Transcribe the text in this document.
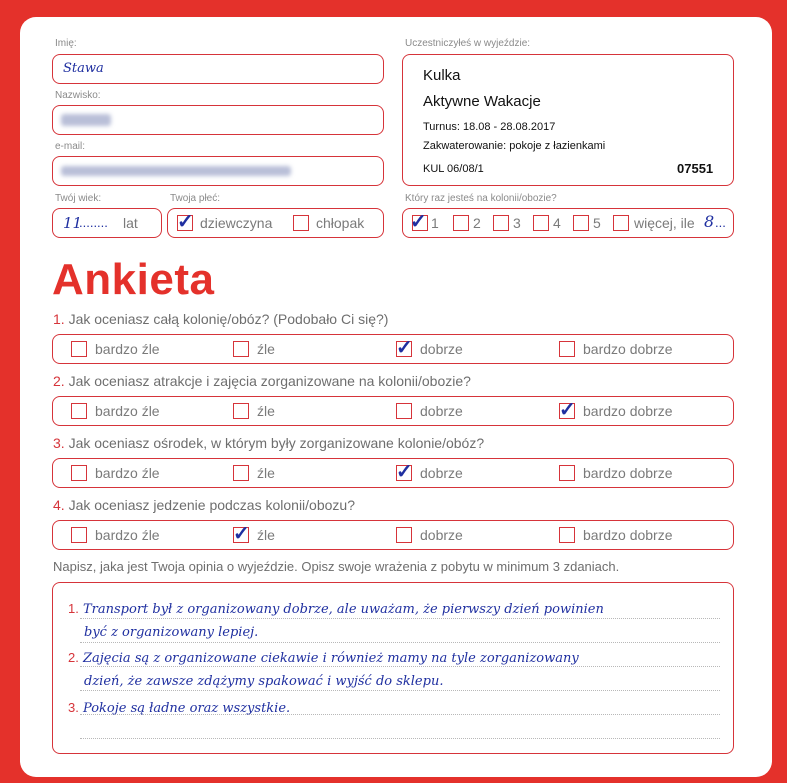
Imię:
Stawa
Nazwisko:
e-mail:
Twój wiek:
11
........ lat
Twoja płeć:
✓ dziewczyna	chłopak
Uczestniczyłeś w wyjeździe:
Kulka
Aktywne Wakacje
Turnus: 18.08 - 28.08.2017
Zakwaterowanie: pokoje z łazienkami
KUL 06/08/1	07551
Który raz jesteś na kolonii/obozie?
✓ 1 2 3 4 5 więcej, ile 8 ...
Ankieta
1. Jak oceniasz całą kolonię/obóz? (Podobało Ci się?)
bardzo źle	źle	✓ dobrze	bardzo dobrze
2. Jak oceniasz atrakcje i zajęcia zorganizowane na kolonii/obozie?
bardzo źle	źle	dobrze	✓ bardzo dobrze
3. Jak oceniasz ośrodek, w którym były zorganizowane kolonie/obóz?
bardzo źle	źle	✓ dobrze	bardzo dobrze
4. Jak oceniasz jedzenie podczas kolonii/obozu?
bardzo źle	✓ źle	dobrze	bardzo dobrze
Napisz, jaka jest Twoja opinia o wyjeździe. Opisz swoje wrażenia z pobytu w minimum 3 zdaniach.
1. Transport był z organizowany dobrze, ale uważam, że pierwszy dzień powinien
być z organizowany lepiej.
2. Zajęcia są z organizowane ciekawie i również mamy na tyle zorganizowany
dzień, że zawsze zdążymy spakować i wyjść do sklepu.
3. Pokoje są ładne oraz wszystkie.
